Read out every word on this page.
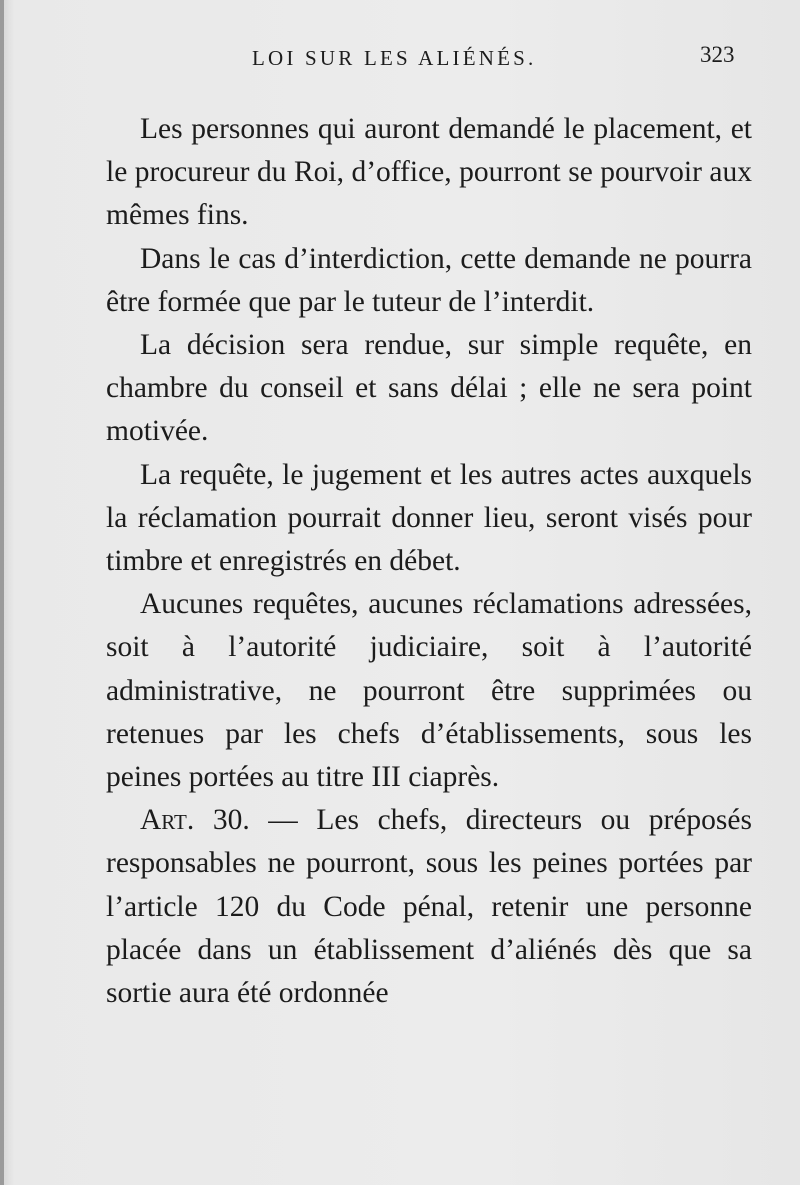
LOI SUR LES ALIÉNÉS.	323

Les personnes qui auront demandé le placement, et le procureur du Roi, d’office, pourront se pourvoir aux mêmes fins.

Dans le cas d’interdiction, cette demande ne pourra être formée que par le tuteur de l’interdit.

La décision sera rendue, sur simple requête, en chambre du conseil et sans délai ; elle ne sera point motivée.

La requête, le jugement et les autres actes auxquels la réclamation pourrait donner lieu, seront visés pour timbre et enregistrés en débet.

Aucunes requêtes, aucunes réclamations adressées, soit à l’autorité judiciaire, soit à l’autorité administrative, ne pourront être supprimées ou retenues par les chefs d’établissements, sous les peines portées au titre III ciaprès.

Art. 30. — Les chefs, directeurs ou préposés responsables ne pourront, sous les peines portées par l’article 120 du Code pénal, retenir une personne placée dans un établissement d’aliénés dès que sa sortie aura été ordonnée
